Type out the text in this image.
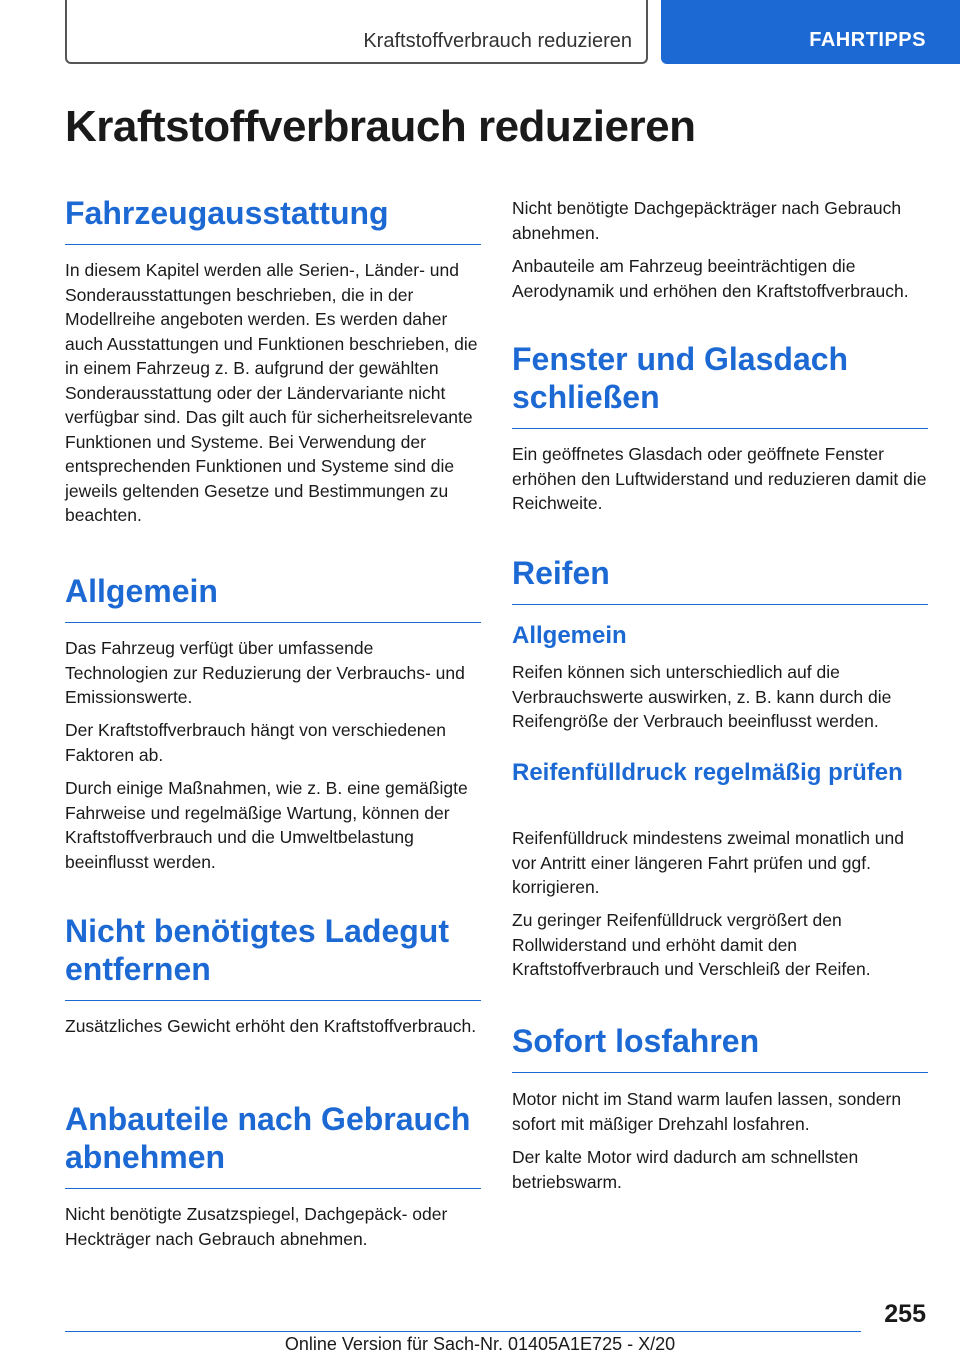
Kraftstoffverbrauch reduzieren	FAHRTIPPS
Kraftstoffverbrauch reduzieren
Fahrzeugausstattung

In diesem Kapitel werden alle Serien-, Länder- und Sonderausstattungen beschrieben, die in der Modellreihe angeboten werden. Es werden daher auch Ausstattungen und Funktionen beschrieben, die in einem Fahrzeug z. B. aufgrund der gewählten Sonderausstattung oder der Ländervariante nicht verfügbar sind. Das gilt auch für sicherheitsrelevante Funktionen und Systeme. Bei Verwendung der entsprechenden Funktionen und Systeme sind die jeweils geltenden Gesetze und Bestimmungen zu beachten.

Allgemein

Das Fahrzeug verfügt über umfassende Technologien zur Reduzierung der Verbrauchs- und Emissionswerte.

Der Kraftstoffverbrauch hängt von verschiedenen Faktoren ab.

Durch einige Maßnahmen, wie z. B. eine gemäßigte Fahrweise und regelmäßige Wartung, können der Kraftstoffverbrauch und die Umweltbelastung beeinflusst werden.

Nicht benötigtes Ladegut entfernen

Zusätzliches Gewicht erhöht den Kraftstoffverbrauch.

Anbauteile nach Gebrauch abnehmen

Nicht benötigte Zusatzspiegel, Dachgepäck- oder Heckträger nach Gebrauch abnehmen.

Nicht benötigte Dachgepäckträger nach Gebrauch abnehmen.

Anbauteile am Fahrzeug beeinträchtigen die Aerodynamik und erhöhen den Kraftstoffverbrauch.

Fenster und Glasdach schließen

Ein geöffnetes Glasdach oder geöffnete Fenster erhöhen den Luftwiderstand und reduzieren damit die Reichweite.

Reifen
Allgemein

Reifen können sich unterschiedlich auf die Verbrauchswerte auswirken, z. B. kann durch die Reifengröße der Verbrauch beeinflusst werden.

Reifenfülldruck regelmäßig prüfen

Reifenfülldruck mindestens zweimal monatlich und vor Antritt einer längeren Fahrt prüfen und ggf. korrigieren.

Zu geringer Reifenfülldruck vergrößert den Rollwiderstand und erhöht damit den Kraftstoffverbrauch und Verschleiß der Reifen.

Sofort losfahren

Motor nicht im Stand warm laufen lassen, sondern sofort mit mäßiger Drehzahl losfahren.

Der kalte Motor wird dadurch am schnellsten betriebswarm.

255
Online Version für Sach-Nr. 01405A1E725 - X/20
